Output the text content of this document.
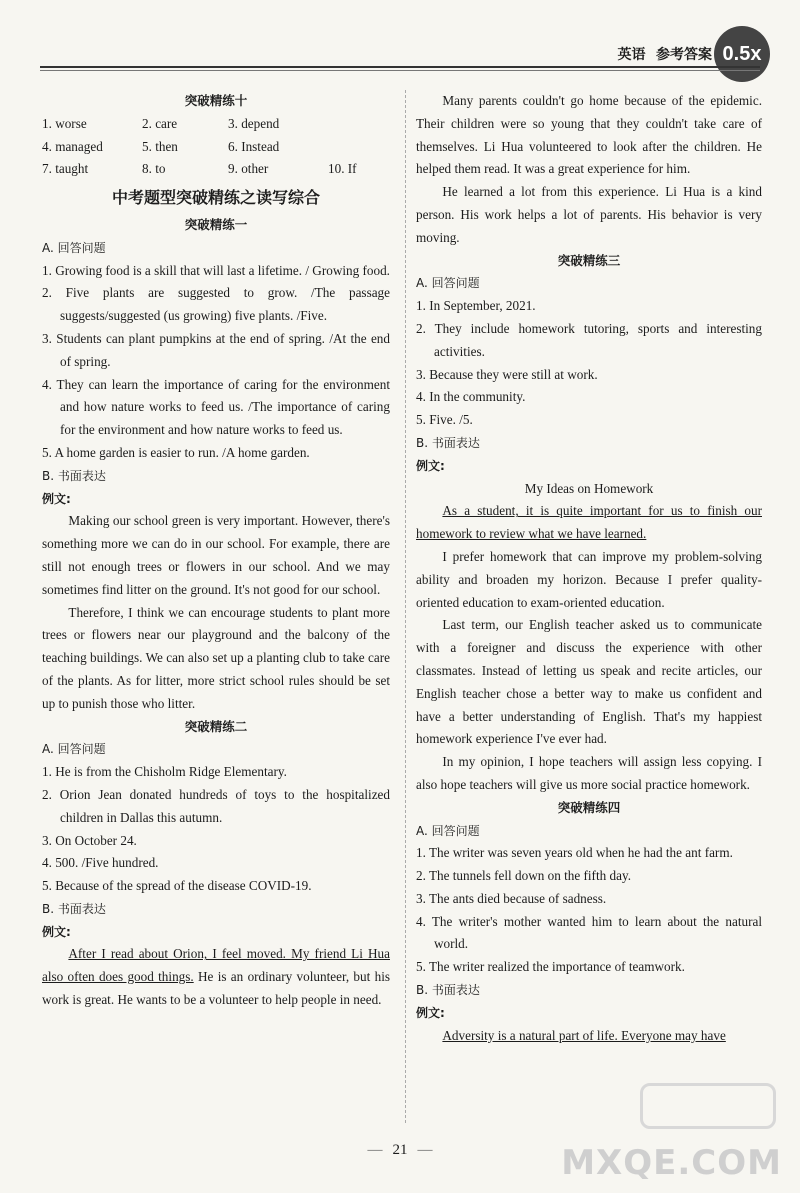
英语 参考答案 0.5x
突破精练十
1. worse	2. care	3. depend
4. managed	5. then	6. Instead
7. taught	8. to	9. other	10. If
中考题型突破精练之读写综合
突破精练一
A. 回答问题
1. Growing food is a skill that will last a lifetime. / Growing food.
2. Five plants are suggested to grow. /The passage suggests/suggested (us growing) five plants. /Five.
3. Students can plant pumpkins at the end of spring. /At the end of spring.
4. They can learn the importance of caring for the environment and how nature works to feed us. /The importance of caring for the environment and how nature works to feed us.
5. A home garden is easier to run. /A home garden.
B. 书面表达
例文:
Making our school green is very important. However, there's something more we can do in our school. For example, there are still not enough trees or flowers in our school. And we may sometimes find litter on the ground. It's not good for our school.
Therefore, I think we can encourage students to plant more trees or flowers near our playground and the balcony of the teaching buildings. We can also set up a planting club to take care of the plants. As for litter, more strict school rules should be set up to punish those who litter.
突破精练二
A. 回答问题
1. He is from the Chisholm Ridge Elementary.
2. Orion Jean donated hundreds of toys to the hospitalized children in Dallas this autumn.
3. On October 24.
4. 500. /Five hundred.
5. Because of the spread of the disease COVID-19.
B. 书面表达
例文:
After I read about Orion, I feel moved. My friend Li Hua also often does good things. He is an ordinary volunteer, but his work is great. He wants to be a volunteer to help people in need.
Many parents couldn't go home because of the epidemic. Their children were so young that they couldn't take care of themselves. Li Hua volunteered to look after the children. He helped them read. It was a great experience for him.
He learned a lot from this experience. Li Hua is a kind person. His work helps a lot of parents. His behavior is very moving.
突破精练三
A. 回答问题
1. In September, 2021.
2. They include homework tutoring, sports and interesting activities.
3. Because they were still at work.
4. In the community.
5. Five. /5.
B. 书面表达
例文:
My Ideas on Homework
As a student, it is quite important for us to finish our homework to review what we have learned.
I prefer homework that can improve my problem-solving ability and broaden my horizon. Because I prefer quality-oriented education to exam-oriented education.
Last term, our English teacher asked us to communicate with a foreigner and discuss the experience with other classmates. Instead of letting us speak and recite articles, our English teacher chose a better way to make us confident and have a better understanding of English. That's my happiest homework experience I've ever had.
In my opinion, I hope teachers will assign less copying. I also hope teachers will give us more social practice homework.
突破精练四
A. 回答问题
1. The writer was seven years old when he had the ant farm.
2. The tunnels fell down on the fifth day.
3. The ants died because of sadness.
4. The writer's mother wanted him to learn about the natural world.
5. The writer realized the importance of teamwork.
B. 书面表达
例文:
Adversity is a natural part of life. Everyone may have
— 21 —	MXQE.COM
